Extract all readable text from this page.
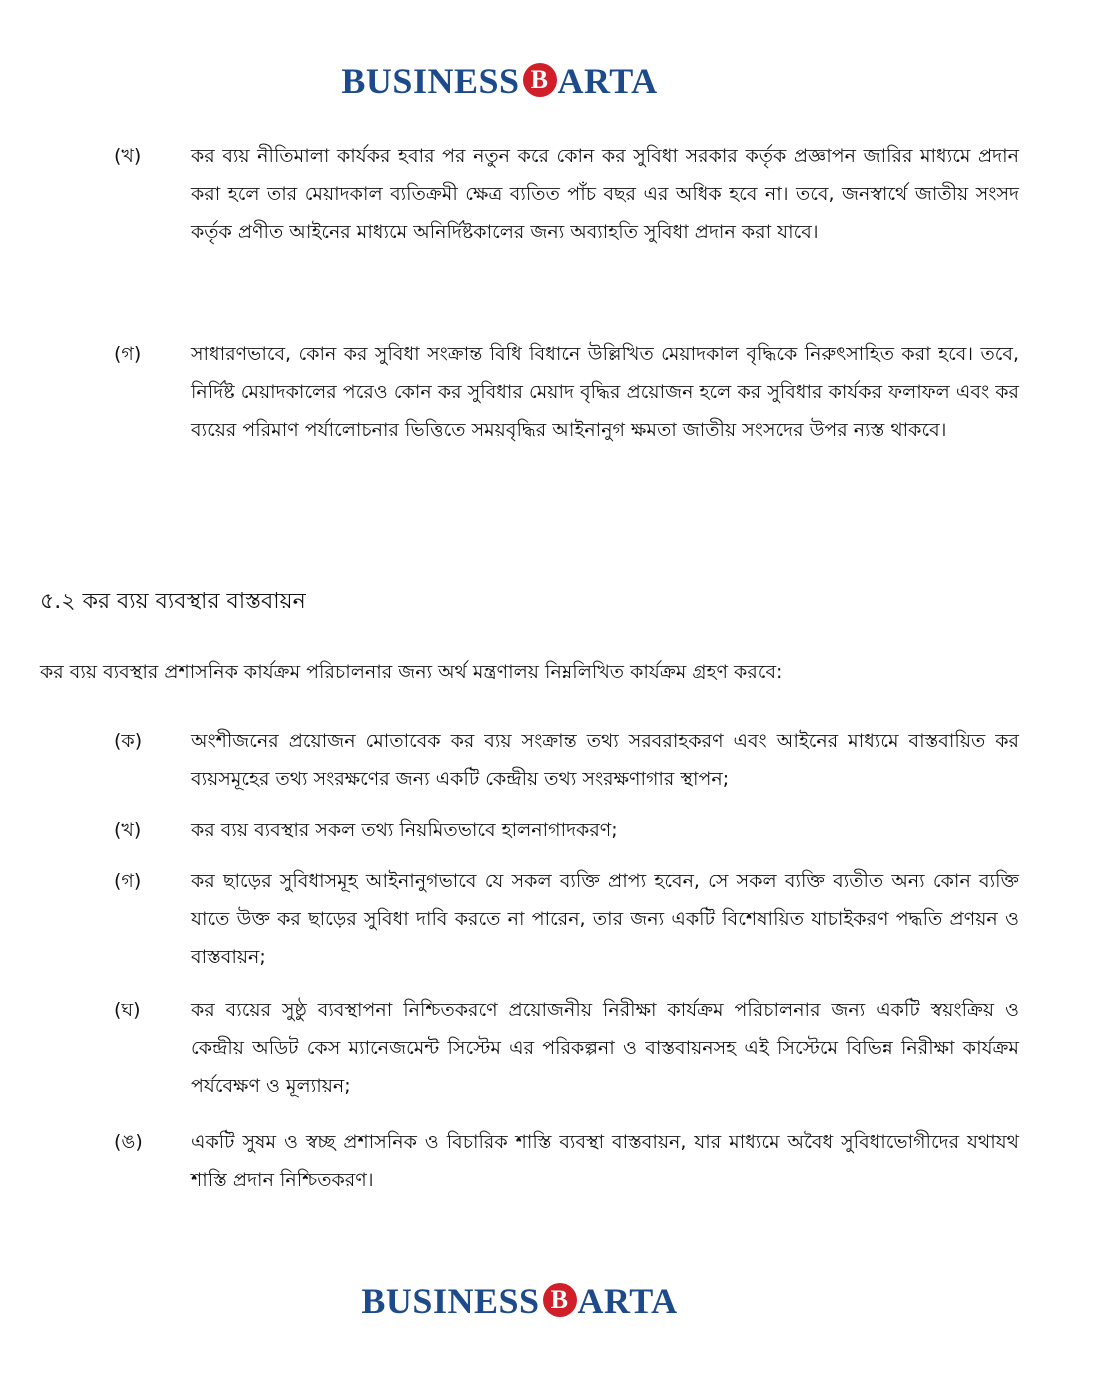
BUSINESS B ARTA
(খ)	কর ব্যয় নীতিমালা কার্যকর হবার পর নতুন করে কোন কর সুবিধা সরকার কর্তৃক প্রজ্ঞাপন জারির মাধ্যমে প্রদান করা হলে তার মেয়াদকাল ব্যতিক্রমী ক্ষেত্র ব্যতিত পাঁচ বছর এর অধিক হবে না। তবে, জনস্বার্থে জাতীয় সংসদ কর্তৃক প্রণীত আইনের মাধ্যমে অনির্দিষ্টকালের জন্য অব্যাহতি সুবিধা প্রদান করা যাবে।
(গ)	সাধারণভাবে, কোন কর সুবিধা সংক্রান্ত বিধি বিধানে উল্লিখিত মেয়াদকাল বৃদ্ধিকে নিরুৎসাহিত করা হবে। তবে, নির্দিষ্ট মেয়াদকালের পরেও কোন কর সুবিধার মেয়াদ বৃদ্ধির প্রয়োজন হলে কর সুবিধার কার্যকর ফলাফল এবং কর ব্যয়ের পরিমাণ পর্যালোচনার ভিত্তিতে সময়বৃদ্ধির আইনানুগ ক্ষমতা জাতীয় সংসদের উপর ন্যস্ত থাকবে।
৫.২ কর ব্যয় ব্যবস্থার বাস্তবায়ন
কর ব্যয় ব্যবস্থার প্রশাসনিক কার্যক্রম পরিচালনার জন্য অর্থ মন্ত্রণালয় নিম্নলিখিত কার্যক্রম গ্রহণ করবে:
(ক)	অংশীজনের প্রয়োজন মোতাবেক কর ব্যয় সংক্রান্ত তথ্য সরবরাহকরণ এবং আইনের মাধ্যমে বাস্তবায়িত কর ব্যয়সমূহের তথ্য সংরক্ষণের জন্য একটি কেন্দ্রীয় তথ্য সংরক্ষণাগার স্থাপন;
(খ)	কর ব্যয় ব্যবস্থার সকল তথ্য নিয়মিতভাবে হালনাগাদকরণ;
(গ)	কর ছাড়ের সুবিধাসমূহ আইনানুগভাবে যে সকল ব্যক্তি প্রাপ্য হবেন, সে সকল ব্যক্তি ব্যতীত অন্য কোন ব্যক্তি যাতে উক্ত কর ছাড়ের সুবিধা দাবি করতে না পারেন, তার জন্য একটি বিশেষায়িত যাচাইকরণ পদ্ধতি প্রণয়ন ও বাস্তবায়ন;
(ঘ)	কর ব্যয়ের সুষ্ঠু ব্যবস্থাপনা নিশ্চিতকরণে প্রয়োজনীয় নিরীক্ষা কার্যক্রম পরিচালনার জন্য একটি স্বয়ংক্রিয় ও কেন্দ্রীয় অডিট কেস ম্যানেজমেন্ট সিস্টেম এর পরিকল্পনা ও বাস্তবায়নসহ এই সিস্টেমে বিভিন্ন নিরীক্ষা কার্যক্রম পর্যবেক্ষণ ও মূল্যায়ন;
(ঙ)	একটি সুষম ও স্বচ্ছ প্রশাসনিক ও বিচারিক শাস্তি ব্যবস্থা বাস্তবায়ন, যার মাধ্যমে অবৈধ সুবিধাভোগীদের যথাযথ শাস্তি প্রদান নিশ্চিতকরণ।
BUSINESS B ARTA
